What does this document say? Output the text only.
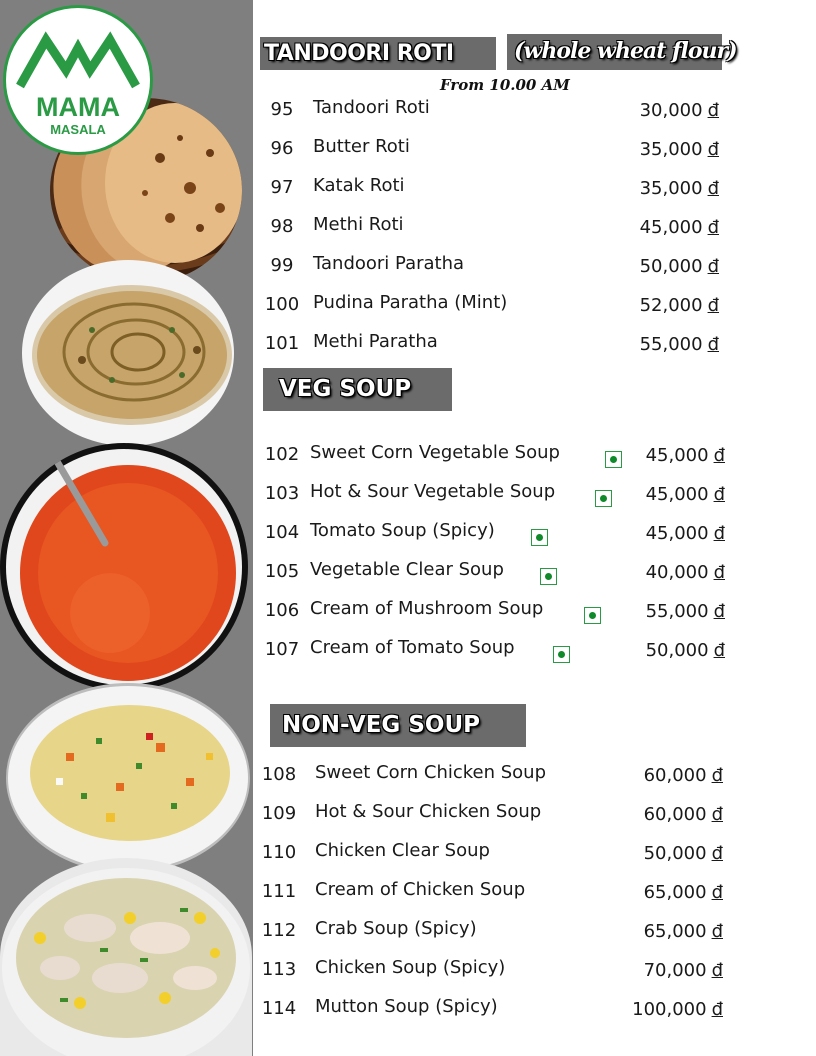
MAMA
MASALA
TANDOORI ROTI	(whole wheat flour)
From 10.00 AM
VEG SOUP
NON-VEG SOUP
95	Tandoori Roti	30,000 đ
96	Butter Roti	35,000 đ
97	Katak Roti	35,000 đ
98	Methi Roti	45,000 đ
99	Tandoori Paratha	50,000 đ
100 Pudina Paratha (Mint)	52,000 đ
101 Methi Paratha	55,000 đ
102 Sweet Corn Vegetable Soup	45,000 đ
103 Hot & Sour Vegetable Soup	45,000 đ
104 Tomato Soup (Spicy)	45,000 đ
105 Vegetable Clear Soup	40,000 đ
106 Cream of Mushroom Soup	55,000 đ
107 Cream of Tomato Soup	50,000 đ
108	Sweet Corn Chicken Soup	60,000 đ
109	Hot & Sour Chicken Soup	60,000 đ
110	Chicken Clear Soup	50,000 đ
111	Cream of Chicken Soup	65,000 đ
112	Crab Soup (Spicy)	65,000 đ
113	Chicken Soup (Spicy)	70,000 đ
114	Mutton Soup (Spicy)	100,000 đ
